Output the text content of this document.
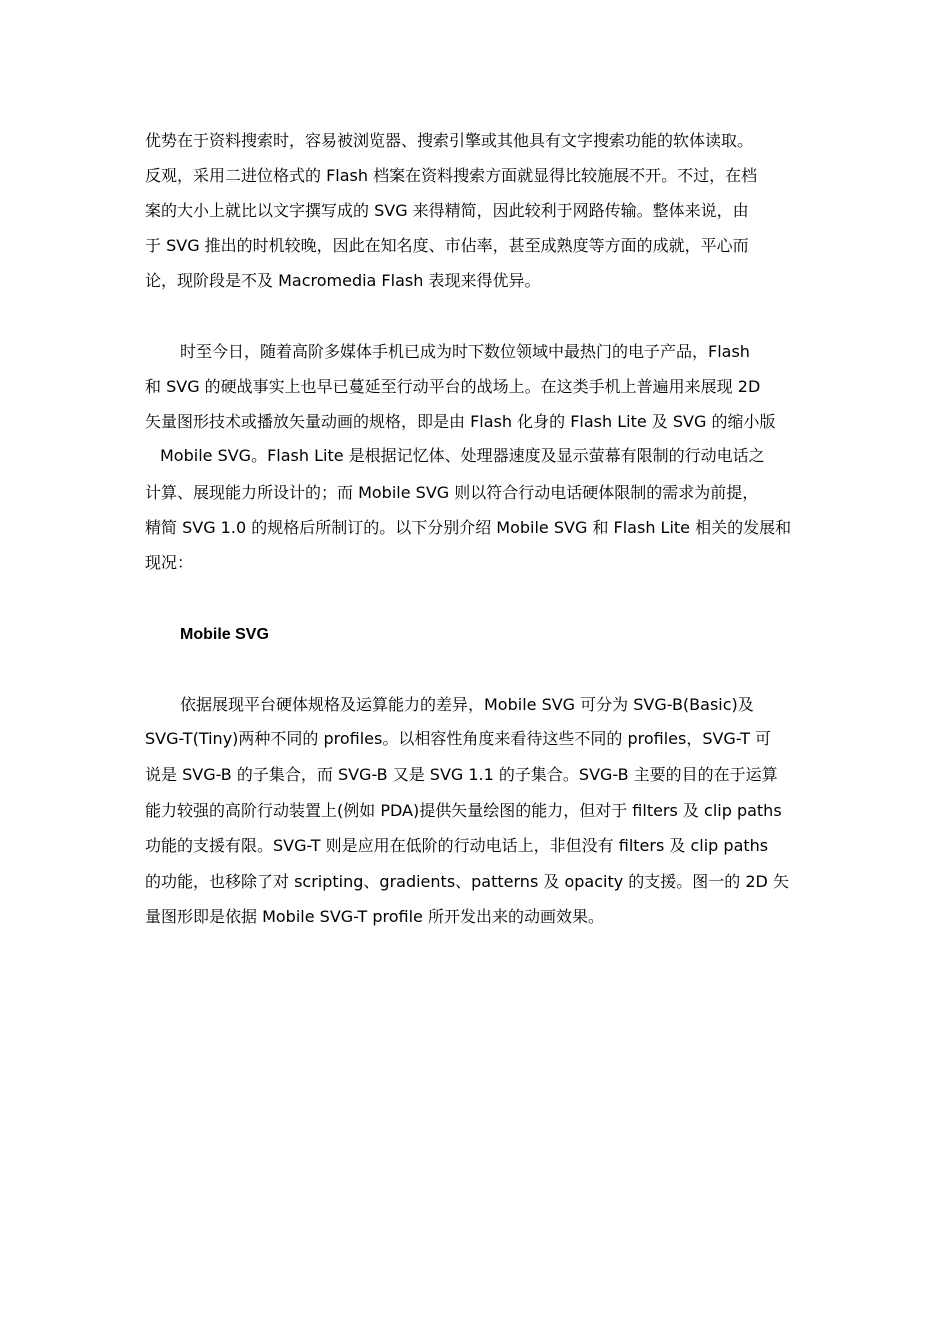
优势在于资料搜索时，容易被浏览器、搜索引擎或其他具有文字搜索功能的软体读取。
反观，采用二进位格式的 Flash 档案在资料搜索方面就显得比较施展不开。不过，在档
案的大小上就比以文字撰写成的 SVG 来得精简，因此较利于网路传输。整体来说，由
于 SVG 推出的时机较晚，因此在知名度、市佔率，甚至成熟度等方面的成就，平心而
论，现阶段是不及 Macromedia Flash 表现来得优异。
时至今日，随着高阶多媒体手机已成为时下数位领域中最热门的电子产品，Flash
和 SVG 的硬战事实上也早已蔓延至行动平台的战场上。在这类手机上普遍用来展现 2D
矢量图形技术或播放矢量动画的规格，即是由 Flash 化身的 Flash Lite 及 SVG 的缩小版
Mobile SVG。Flash Lite 是根据记忆体、处理器速度及显示萤幕有限制的行动电话之
计算、展现能力所设计的；而 Mobile SVG 则以符合行动电话硬体限制的需求为前提，
精简 SVG 1.0 的规格后所制订的。以下分别介绍 Mobile SVG 和 Flash Lite 相关的发展和
现况：
Mobile SVG
依据展现平台硬体规格及运算能力的差异，Mobile SVG 可分为 SVG-B(Basic)及
SVG-T(Tiny)两种不同的 profiles。以相容性角度来看待这些不同的 profiles，SVG-T 可
说是 SVG-B 的子集合，而 SVG-B 又是 SVG 1.1 的子集合。SVG-B 主要的目的在于运算
能力较强的高阶行动装置上(例如 PDA)提供矢量绘图的能力，但对于 filters 及 clip paths
功能的支援有限。SVG-T 则是应用在低阶的行动电话上，非但没有 filters 及 clip paths
的功能，也移除了对 scripting、gradients、patterns 及 opacity 的支援。图一的 2D 矢
量图形即是依据 Mobile SVG-T profile 所开发出来的动画效果。
